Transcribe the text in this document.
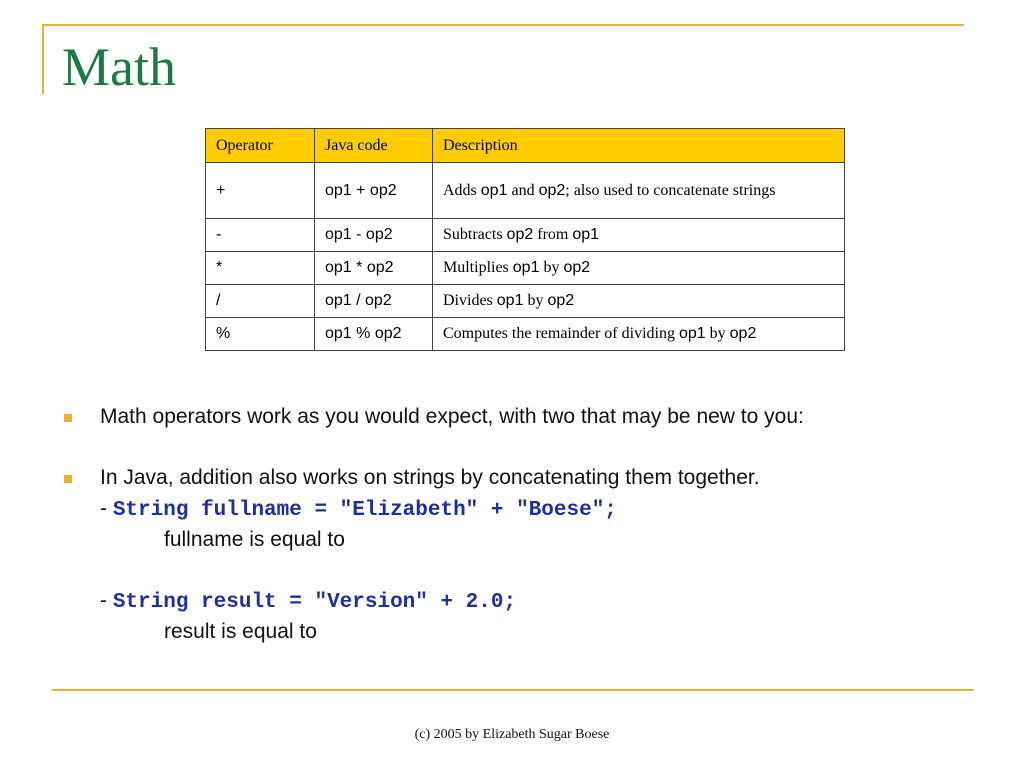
Math
Operator	Java code	Description
+	op1 + op2	Adds op1 and op2; also used to concatenate strings
-	op1 - op2	Subtracts op2 from op1
*	op1 * op2	Multiplies op1 by op2
/	op1 / op2	Divides op1 by op2
%	op1 % op2	Computes the remainder of dividing op1 by op2
Math operators work as you would expect, with two that may be new to you:
In Java, addition also works on strings by concatenating them together.
- String fullname = "Elizabeth" + "Boese";
fullname is equal to
- String result = "Version" + 2.0;
result is equal to
(c) 2005 by Elizabeth Sugar Boese
